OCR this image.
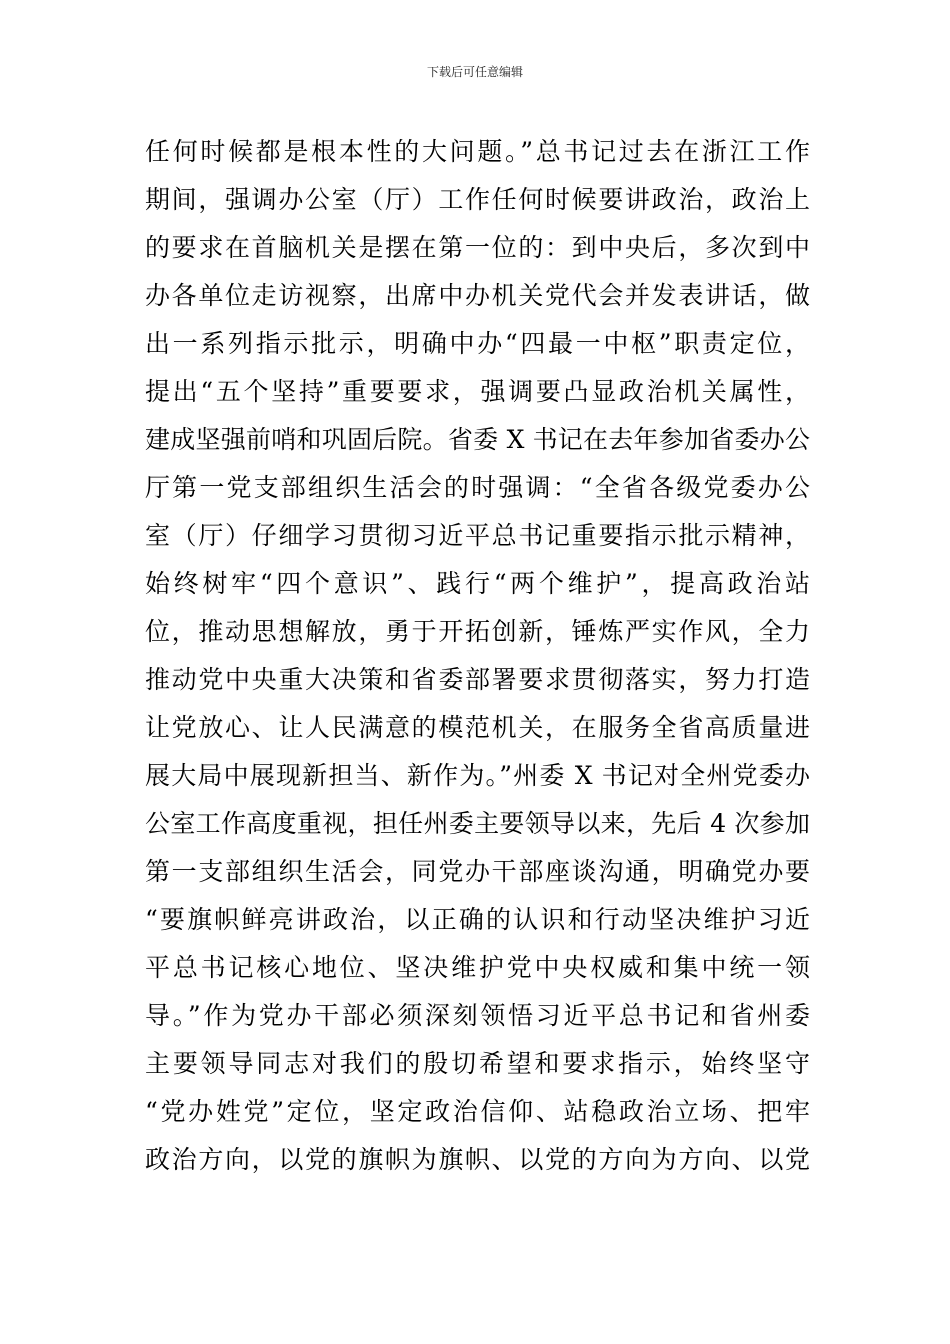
下载后可任意编辑
任何时候都是根本性的大问题。”总书记过去在浙江工作
期间，强调办公室（厅）工作任何时候要讲政治，政治上
的要求在首脑机关是摆在第一位的：到中央后，多次到中
办各单位走访视察，出席中办机关党代会并发表讲话，做
出一系列指示批示，明确中办“四最一中枢”职责定位，
提出“五个坚持”重要要求，强调要凸显政治机关属性，
建成坚强前哨和巩固后院。省委 X 书记在去年参加省委办公
厅第一党支部组织生活会的时强调：“全省各级党委办公
室（厅）仔细学习贯彻习近平总书记重要指示批示精神，
始终树牢“四个意识”、践行“两个维护”，提高政治站
位，推动思想解放，勇于开拓创新，锤炼严实作风，全力
推动党中央重大决策和省委部署要求贯彻落实，努力打造
让党放心、让人民满意的模范机关，在服务全省高质量进
展大局中展现新担当、新作为。”州委 X 书记对全州党委办
公室工作高度重视，担任州委主要领导以来，先后 4 次参加
第一支部组织生活会，同党办干部座谈沟通，明确党办要
“要旗帜鲜亮讲政治，以正确的认识和行动坚决维护习近
平总书记核心地位、坚决维护党中央权威和集中统一领
导。”作为党办干部必须深刻领悟习近平总书记和省州委
主要领导同志对我们的殷切希望和要求指示，始终坚守
“党办姓党”定位，坚定政治信仰、站稳政治立场、把牢
政治方向，以党的旗帜为旗帜、以党的方向为方向、以党
